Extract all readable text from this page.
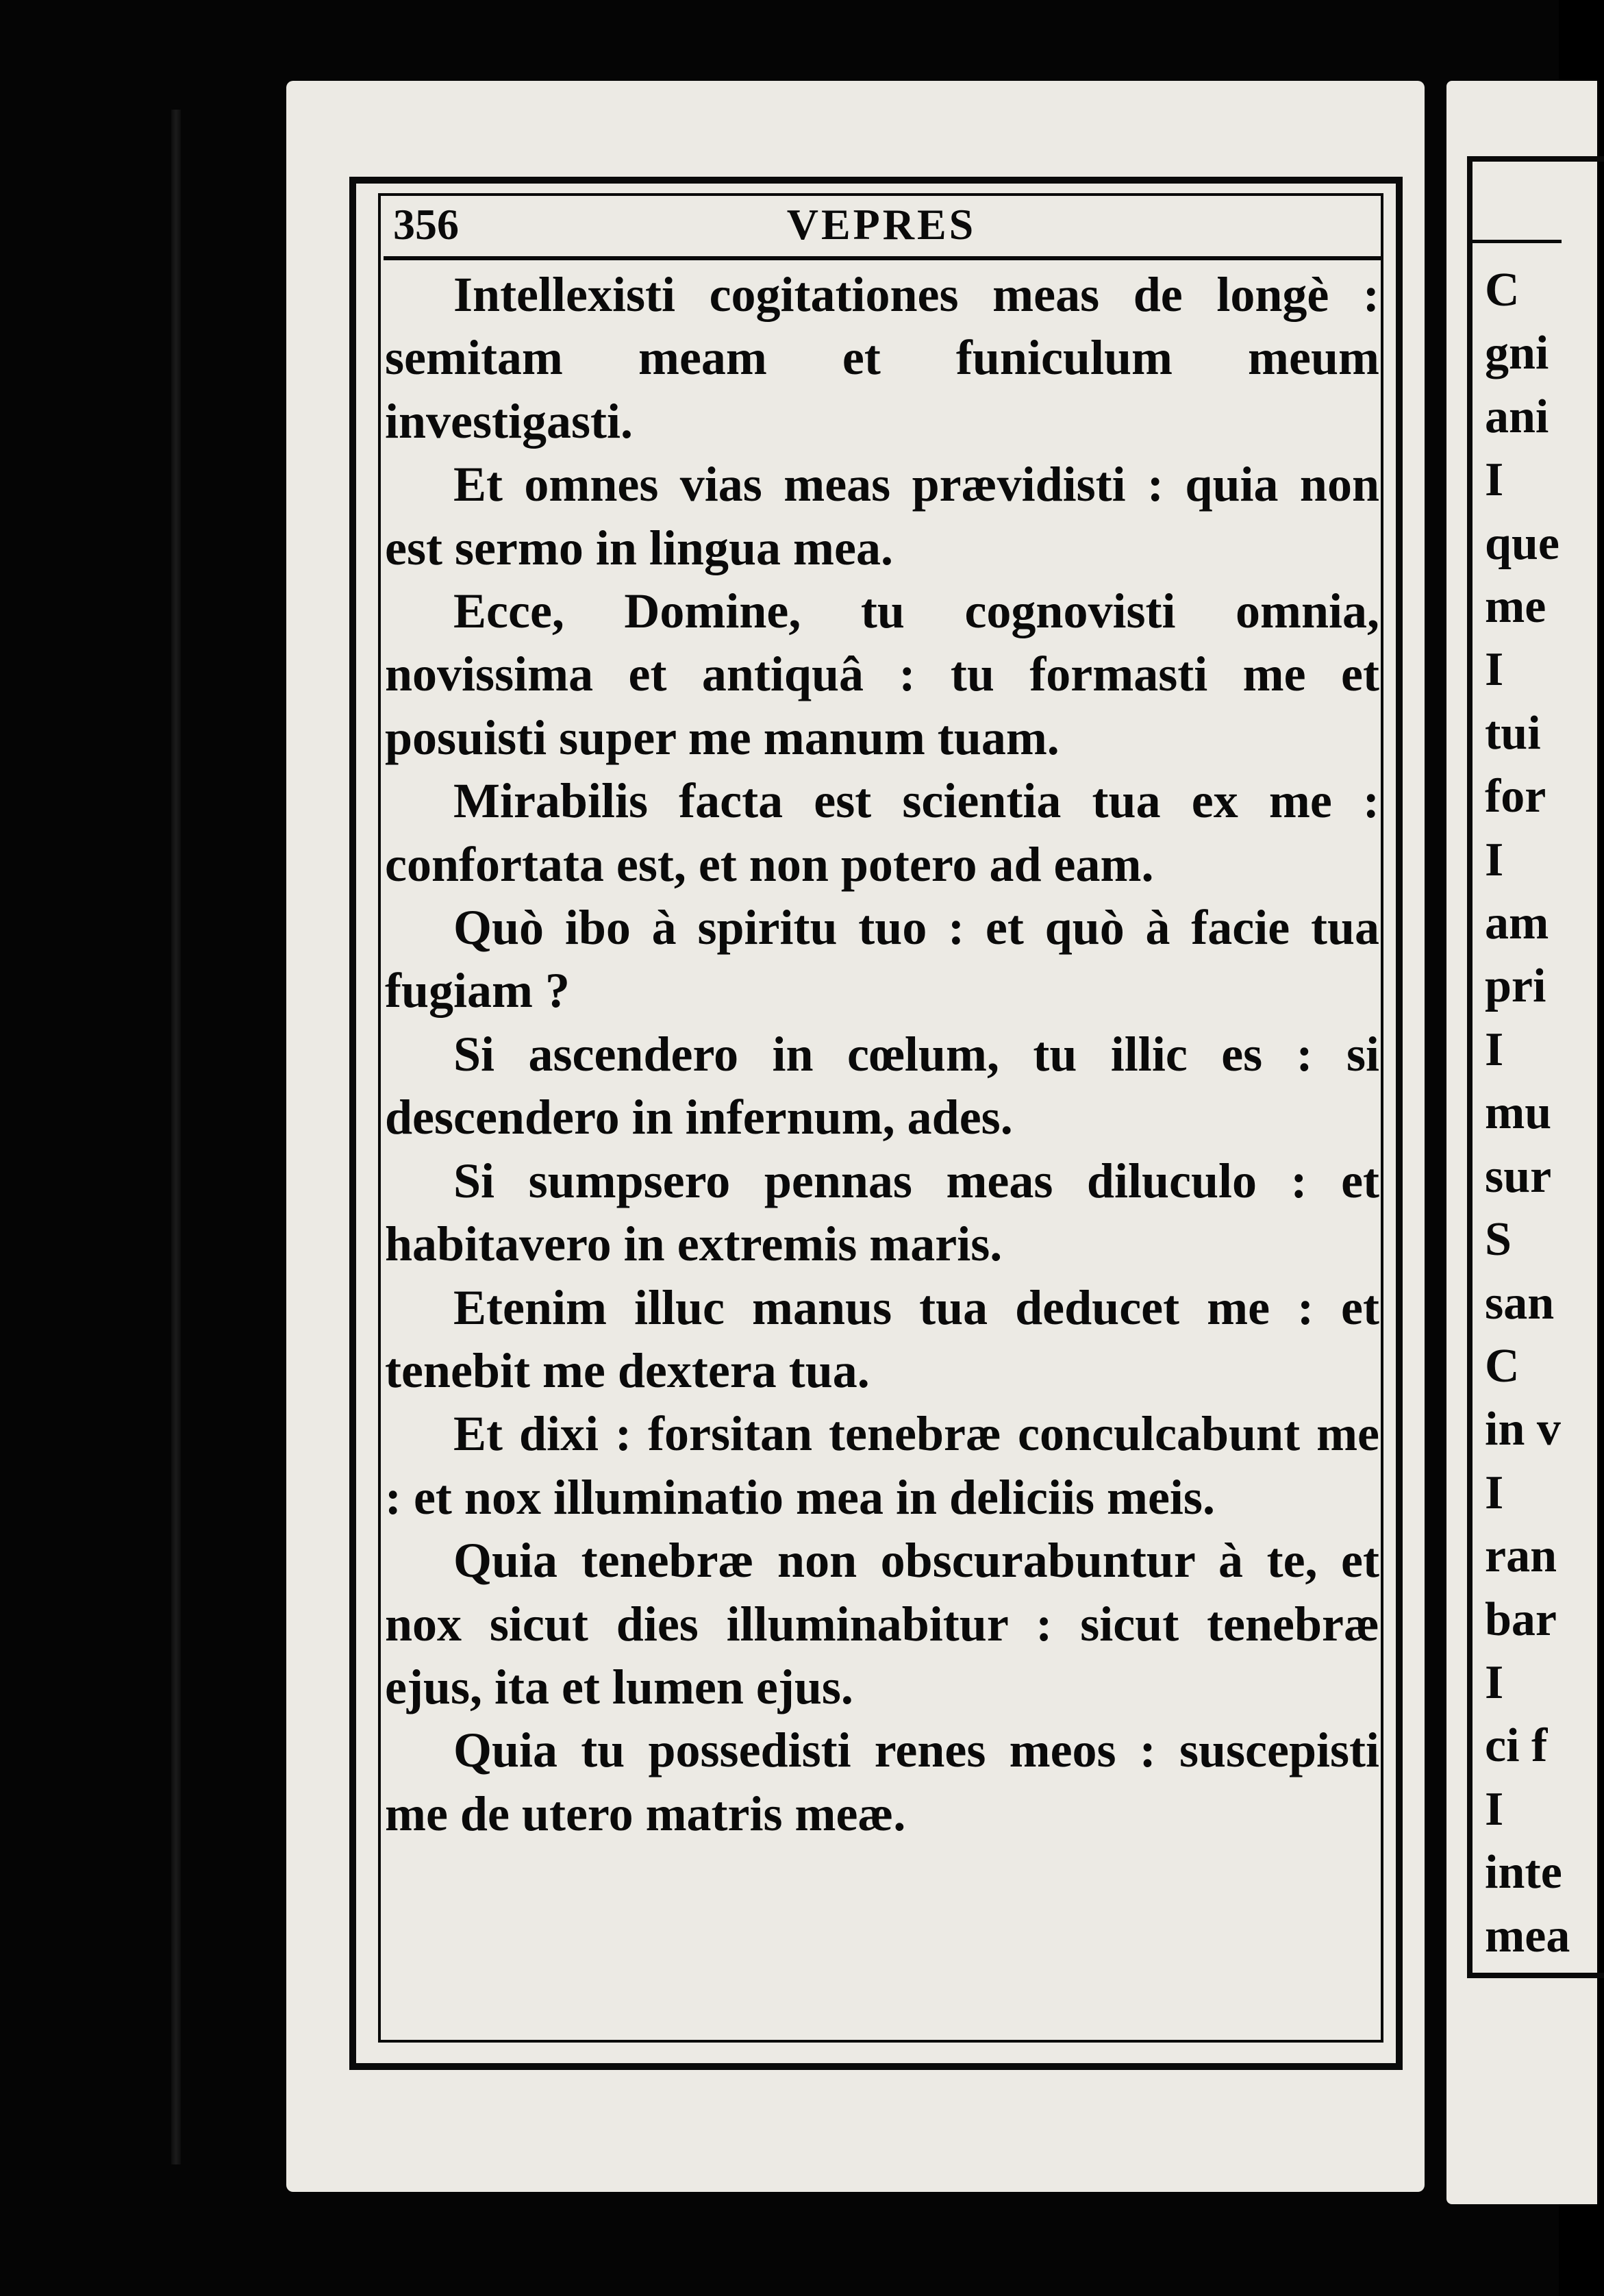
356	VEPRES

Intellexisti cogitationes meas de longè : semitam meam et funiculum meum investigasti.

Et omnes vias meas prævidisti : quia non est sermo in lingua mea.

Ecce, Domine, tu cognovisti omnia, novissima et antiquâ : tu formasti me et posuisti super me manum tuam.

Mirabilis facta est scientia tua ex me : confortata est, et non potero ad eam.

Quò ibo à spiritu tuo : et quò à facie tua fugiam ?

Si ascendero in cœlum, tu illic es : si descendero in infernum, ades.

Si sumpsero pennas meas diluculo : et habitavero in extremis maris.

Etenim illuc manus tua deducet me : et tenebit me dextera tua.

Et dixi : forsitan tenebræ conculcabunt me : et nox illuminatio mea in deliciis meis.

Quia tenebræ non obscurabuntur à te, et nox sicut dies illuminabitur : sicut tenebræ ejus, ita et lumen ejus.

Quia tu possedisti renes meos : suscepisti me de utero matris meæ.

C
gni
ani
I
que
me
I
tui
for
I
am
pri
I
mu
sur
S
san
C
in v
I
ran
bar
I
ci f
I
inte
mea
